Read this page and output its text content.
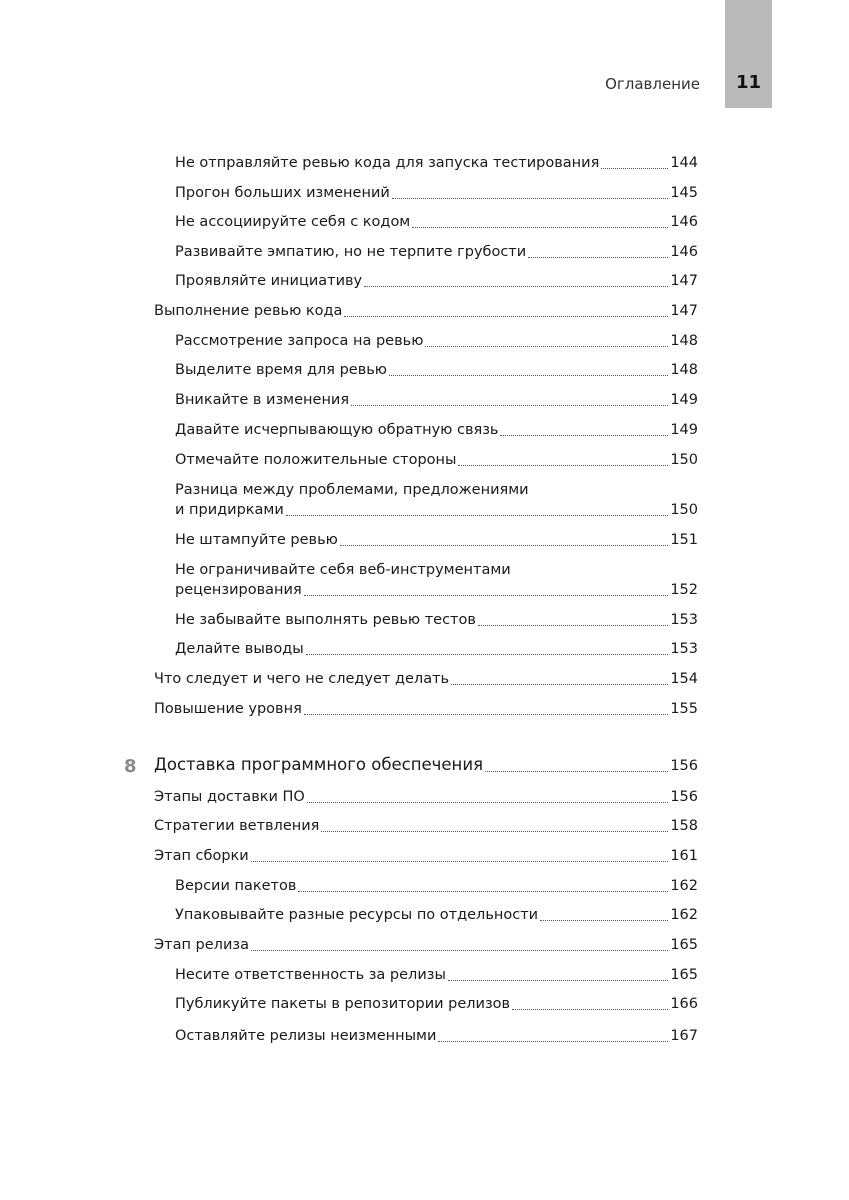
Оглавление	11
Не отправляйте ревью кода для запуска тестирования	144
Прогон больших изменений	145
Не ассоциируйте себя с кодом	146
Развивайте эмпатию, но не терпите грубости	146
Проявляйте инициативу	147
Выполнение ревью кода	147
Рассмотрение запроса на ревью	148
Выделите время для ревью	148
Вникайте в изменения	149
Давайте исчерпывающую обратную связь	149
Отмечайте положительные стороны	150
Разница между проблемами, предложениями
и придирками	150
Не штампуйте ревью	151
Не ограничивайте себя веб-инструментами
рецензирования	152
Не забывайте выполнять ревью тестов	153
Делайте выводы	153
Что следует и чего не следует делать	154
Повышение уровня	155
8 Доставка программного обеспечения	156
Этапы доставки ПО	156
Стратегии ветвления	158
Этап сборки	161
Версии пакетов	162
Упаковывайте разные ресурсы по отдельности	162
Этап релиза	165
Несите ответственность за релизы	165
Публикуйте пакеты в репозитории релизов	166
Оставляйте релизы неизменными	167
